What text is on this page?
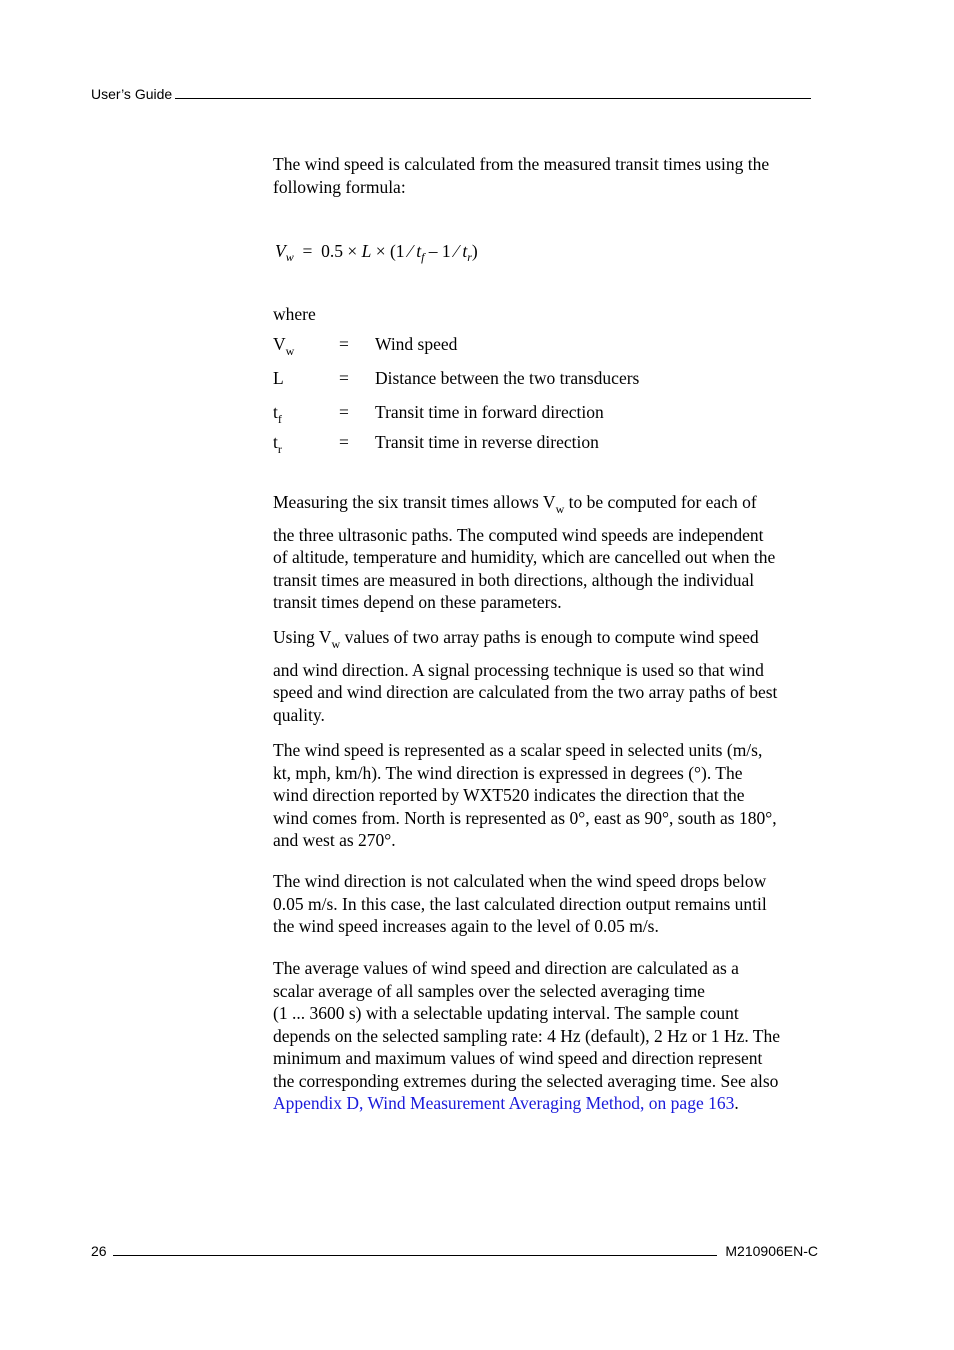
User’s Guide
The wind speed is calculated from the measured transit times using the
following formula:
$V_w = 0.5 \times L \times (1$ ⁄ $t_f - 1$ ⁄ $t_r$)
where
$V_w$	=	Wind speed
L	=	Distance between the two transducers
$t_f$	=	Transit time in forward direction
$t_r$	=	Transit time in reverse direction
Measuring the six transit times allows $V_w$ to be computed for each of
the three ultrasonic paths. The computed wind speeds are independent
of altitude, temperature and humidity, which are cancelled out when the
transit times are measured in both directions, although the individual
transit times depend on these parameters.
Using $V_w$ values of two array paths is enough to compute wind speed
and wind direction. A signal processing technique is used so that wind
speed and wind direction are calculated from the two array paths of best
quality.
The wind speed is represented as a scalar speed in selected units (m/s,
kt, mph, km/h). The wind direction is expressed in degrees (°). The
wind direction reported by WXT520 indicates the direction that the
wind comes from. North is represented as 0°, east as 90°, south as 180°,
and west as 270°.
The wind direction is not calculated when the wind speed drops below
0.05 m/s. In this case, the last calculated direction output remains until
the wind speed increases again to the level of 0.05 m/s.
The average values of wind speed and direction are calculated as a
scalar average of all samples over the selected averaging time
(1 ... 3600 s) with a selectable updating interval. The sample count
depends on the selected sampling rate: 4 Hz (default), 2 Hz or 1 Hz. The
minimum and maximum values of wind speed and direction represent
the corresponding extremes during the selected averaging time. See also
Appendix D, Wind Measurement Averaging Method, on page 163.
26	M210906EN-C
